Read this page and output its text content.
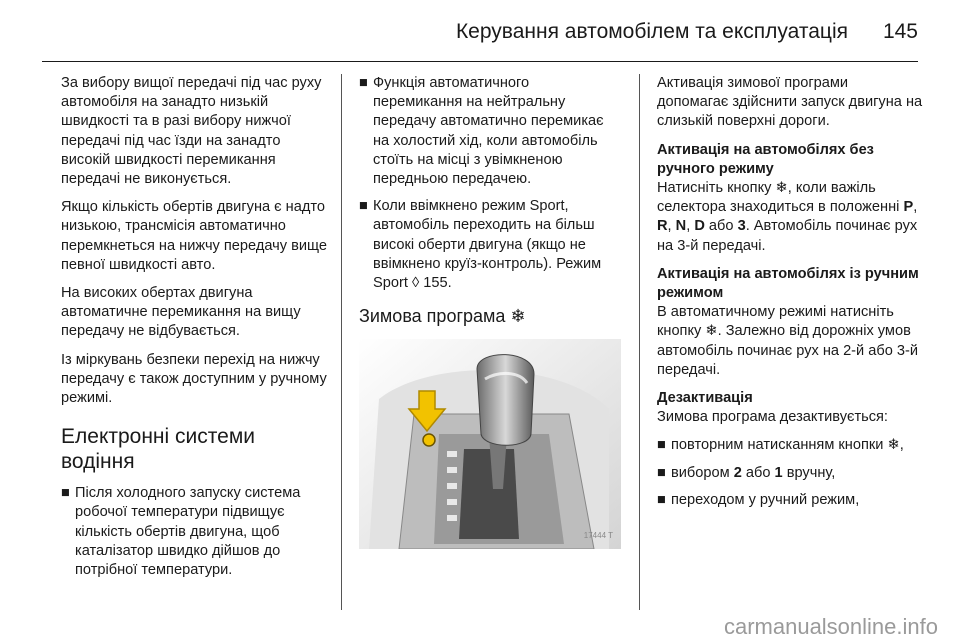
Керування автомобілем та експлуатація 145

За вибору вищої передачі під час руху автомобіля на занадто низькій швидкості та в разі вибору нижчої передачі під час їзди на занадто високій швидкості перемикання передачі не виконується.

Якщо кількість обертів двигуна є надто низькою, трансмісія автоматично перемкнеться на нижчу передачу вище певної швидкості авто.

На високих обертах двигуна автоматичне перемикання на вищу передачу не відбувається.

Із міркувань безпеки перехід на нижчу передачу є також доступним у ручному режимі.

Електронні системи водіння
■ Після холодного запуску система робочої температури підвищує кількість обертів двигуна, щоб каталізатор швидко дійшов до потрібної температури.
■ Функція автоматичного перемикання на нейтральну передачу автоматично перемикає на холостий хід, коли автомобіль стоїть на місці з увімкненою передньою передачею.
■ Коли ввімкнено режим Sport, автомобіль переходить на більш високі оберти двигуна (якщо не ввімкнено круїз-контроль). Режим Sport ◊ 155.
Зимова програма ❄
17444 T

Активація зимової програми допомагає здійснити запуск двигуна на слизькій поверхні дороги.

Активація на автомобілях без ручного режиму

Натисніть кнопку ❄, коли важіль селектора знаходиться в положенні P, R, N, D або 3. Автомобіль починає рух на 3-й передачі.

Активація на автомобілях із ручним режимом

В автоматичному режимі натисніть кнопку ❄. Залежно від дорожніх умов автомобіль починає рух на 2-й або 3-й передачі.

Дезактивація

Зимова програма дезактивується:

■ повторним натисканням кнопки ❄,
■ вибором 2 або 1 вручну,
■ переходом у ручний режим,
carmanualsonline.info
